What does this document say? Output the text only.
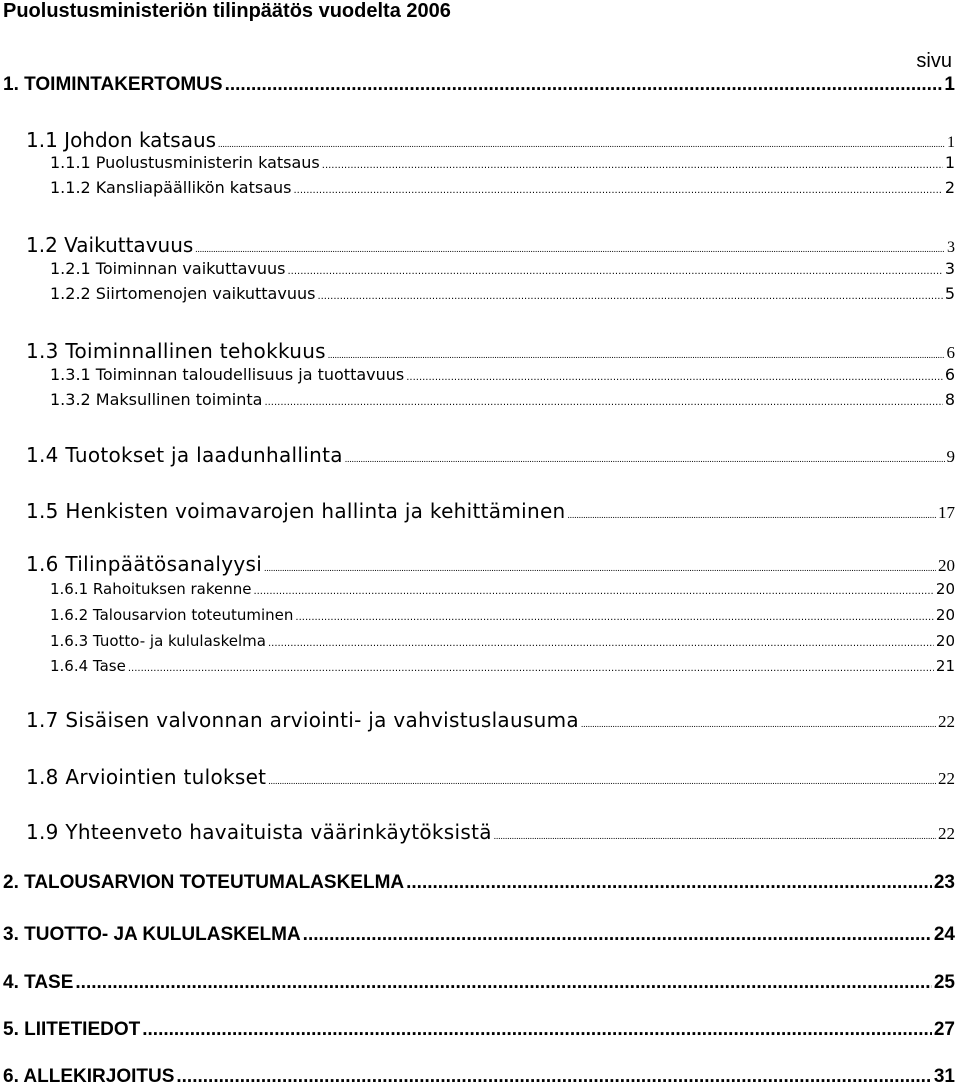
Puolustusministeriön tilinpäätös vuodelta 2006
sivu
1. TOIMINTAKERTOMUS .....	1
1.1 Johdon katsaus .....	1
1.1.1 Puolustusministerin katsaus .....	1
1.1.2 Kansliapäällikön katsaus .....	2
1.2 Vaikuttavuus .....	3
1.2.1 Toiminnan vaikuttavuus .....	3
1.2.2 Siirtomenojen vaikuttavuus .....	5
1.3 Toiminnallinen tehokkuus .....	6
1.3.1 Toiminnan taloudellisuus ja tuottavuus .....	6
1.3.2 Maksullinen toiminta .....	8
1.4 Tuotokset ja laadunhallinta .....	9
1.5 Henkisten voimavarojen hallinta ja kehittäminen .....	17
1.6 Tilinpäätösanalyysi .....	20
1.6.1 Rahoituksen rakenne .....	20
1.6.2 Talousarvion toteutuminen .....	20
1.6.3 Tuotto- ja kululaskelma .....	20
1.6.4 Tase .....	21
1.7 Sisäisen valvonnan arviointi- ja vahvistuslausuma .....	22
1.8 Arviointien tulokset .....	22
1.9 Yhteenveto havaituista väärinkäytöksistä .....	22
2. TALOUSARVION TOTEUTUMALASKELMA .....	23
3. TUOTTO- JA KULULASKELMA .....	24
4. TASE .....	25
5. LIITETIEDOT .....	27
6. ALLEKIRJOITUS .....	31
